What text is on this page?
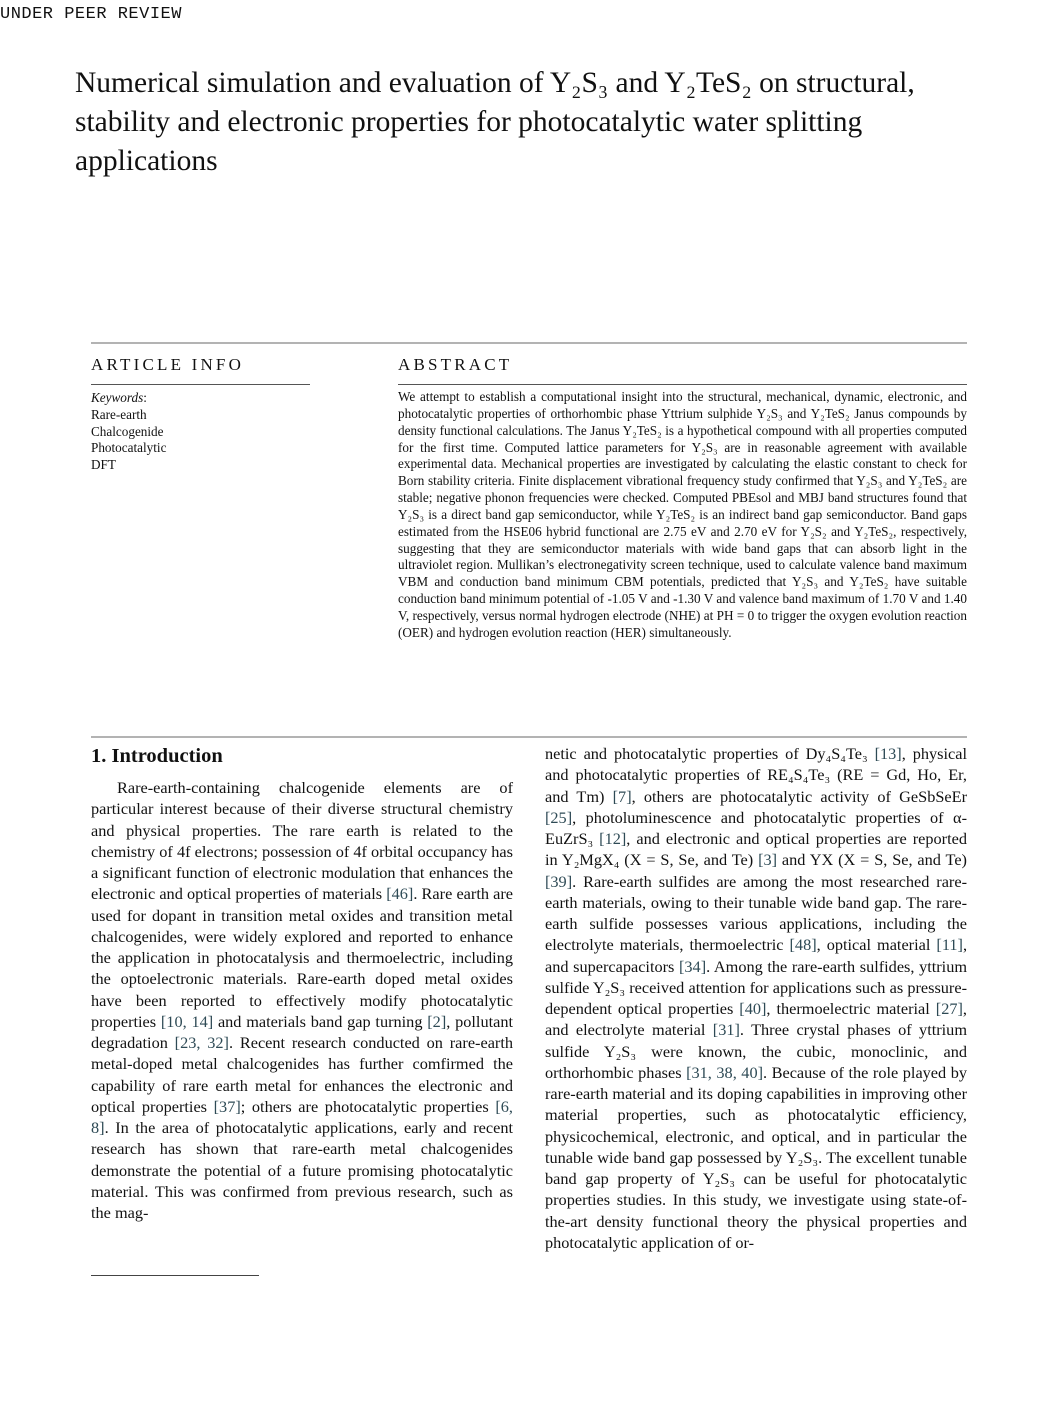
UNDER PEER REVIEW
Numerical simulation and evaluation of Y₂S₃ and Y₂TeS₂ on structural, stability and electronic properties for photocatalytic water splitting applications
ARTICLE INFO
Keywords:
Rare-earth
Chalcogenide
Photocatalytic
DFT
ABSTRACT

We attempt to establish a computational insight into the structural, mechanical, dynamic, electronic, and photocatalytic properties of orthorhombic phase Yttrium sulphide Y₂S₃ and Y₂TeS₂ Janus compounds by density functional calculations. The Janus Y₂TeS₂ is a hypothetical compound with all properties computed for the first time. Computed lattice parameters for Y₂S₃ are in reasonable agreement with available experimental data. Mechanical properties are investigated by calculating the elastic constant to check for Born stability criteria. Finite displacement vibrational frequency study confirmed that Y₂S₃ and Y₂TeS₂ are stable; negative phonon frequencies were checked. Computed PBEsol and MBJ band structures found that Y₂S₃ is a direct band gap semiconductor, while Y₂TeS₂ is an indirect band gap semiconductor. Band gaps estimated from the HSE06 hybrid functional are 2.75 eV and 2.70 eV for Y₂S₂ and Y₂TeS₂, respectively, suggesting that they are semiconductor materials with wide band gaps that can absorb light in the ultraviolet region. Mullikan’s electronegativity screen technique, used to calculate valence band maximum VBM and conduction band minimum CBM potentials, predicted that Y₂S₃ and Y₂TeS₂ have suitable conduction band minimum potential of -1.05 V and -1.30 V and valence band maximum of 1.70 V and 1.40 V, respectively, versus normal hydrogen electrode (NHE) at PH = 0 to trigger the oxygen evolution reaction (OER) and hydrogen evolution reaction (HER) simultaneously.

1. Introduction

Rare-earth-containing chalcogenide elements are of particular interest because of their diverse structural chemistry and physical properties. The rare earth is related to the chemistry of 4f electrons; possession of 4f orbital occupancy has a significant function of electronic modulation that enhances the electronic and optical properties of materials [46]. Rare earth are used for dopant in transition metal oxides and transition metal chalcogenides, were widely explored and reported to enhance the application in photocatalysis and thermoelectric, including the optoelectronic materials. Rare-earth doped metal oxides have been reported to effectively modify photocatalytic properties [10, 14] and materials band gap turning [2], pollutant degradation [23, 32]. Recent research conducted on rare-earth metal-doped metal chalcogenides has further comfirmed the capability of rare earth metal for enhances the electronic and optical properties [37]; others are photocatalytic properties [6, 8]. In the area of photocatalytic applications, early and recent research has shown that rare-earth metal chalcogenides demonstrate the potential of a future promising photocatalytic material. This was confirmed from previous research, such as the mag-

netic and photocatalytic properties of Dy₄S₄Te₃ [13], physical and photocatalytic properties of RE₄S₄Te₃ (RE = Gd, Ho, Er, and Tm) [7], others are photocatalytic activity of GeSbSeEr [25], photoluminescence and photocatalytic properties of α-EuZrS₃ [12], and electronic and optical properties are reported in Y₂MgX₄ (X = S, Se, and Te) [3] and YX (X = S, Se, and Te) [39]. Rare-earth sulfides are among the most researched rare-earth materials, owing to their tunable wide band gap. The rare-earth sulfide possesses various applications, including the electrolyte materials, thermoelectric [48], optical material [11], and supercapacitors [34]. Among the rare-earth sulfides, yttrium sulfide Y₂S₃ received attention for applications such as pressure-dependent optical properties [40], thermoelectric material [27], and electrolyte material [31]. Three crystal phases of yttrium sulfide Y₂S₃ were known, the cubic, monoclinic, and orthorhombic phases [31, 38, 40]. Because of the role played by rare-earth material and its doping capabilities in improving other material properties, such as photocatalytic efficiency, physicochemical, electronic, and optical, and in particular the tunable wide band gap possessed by Y₂S₃. The excellent tunable band gap property of Y₂S₃ can be useful for photocatalytic properties studies. In this study, we investigate using state-of-the-art density functional theory the physical properties and photocatalytic application of or-
